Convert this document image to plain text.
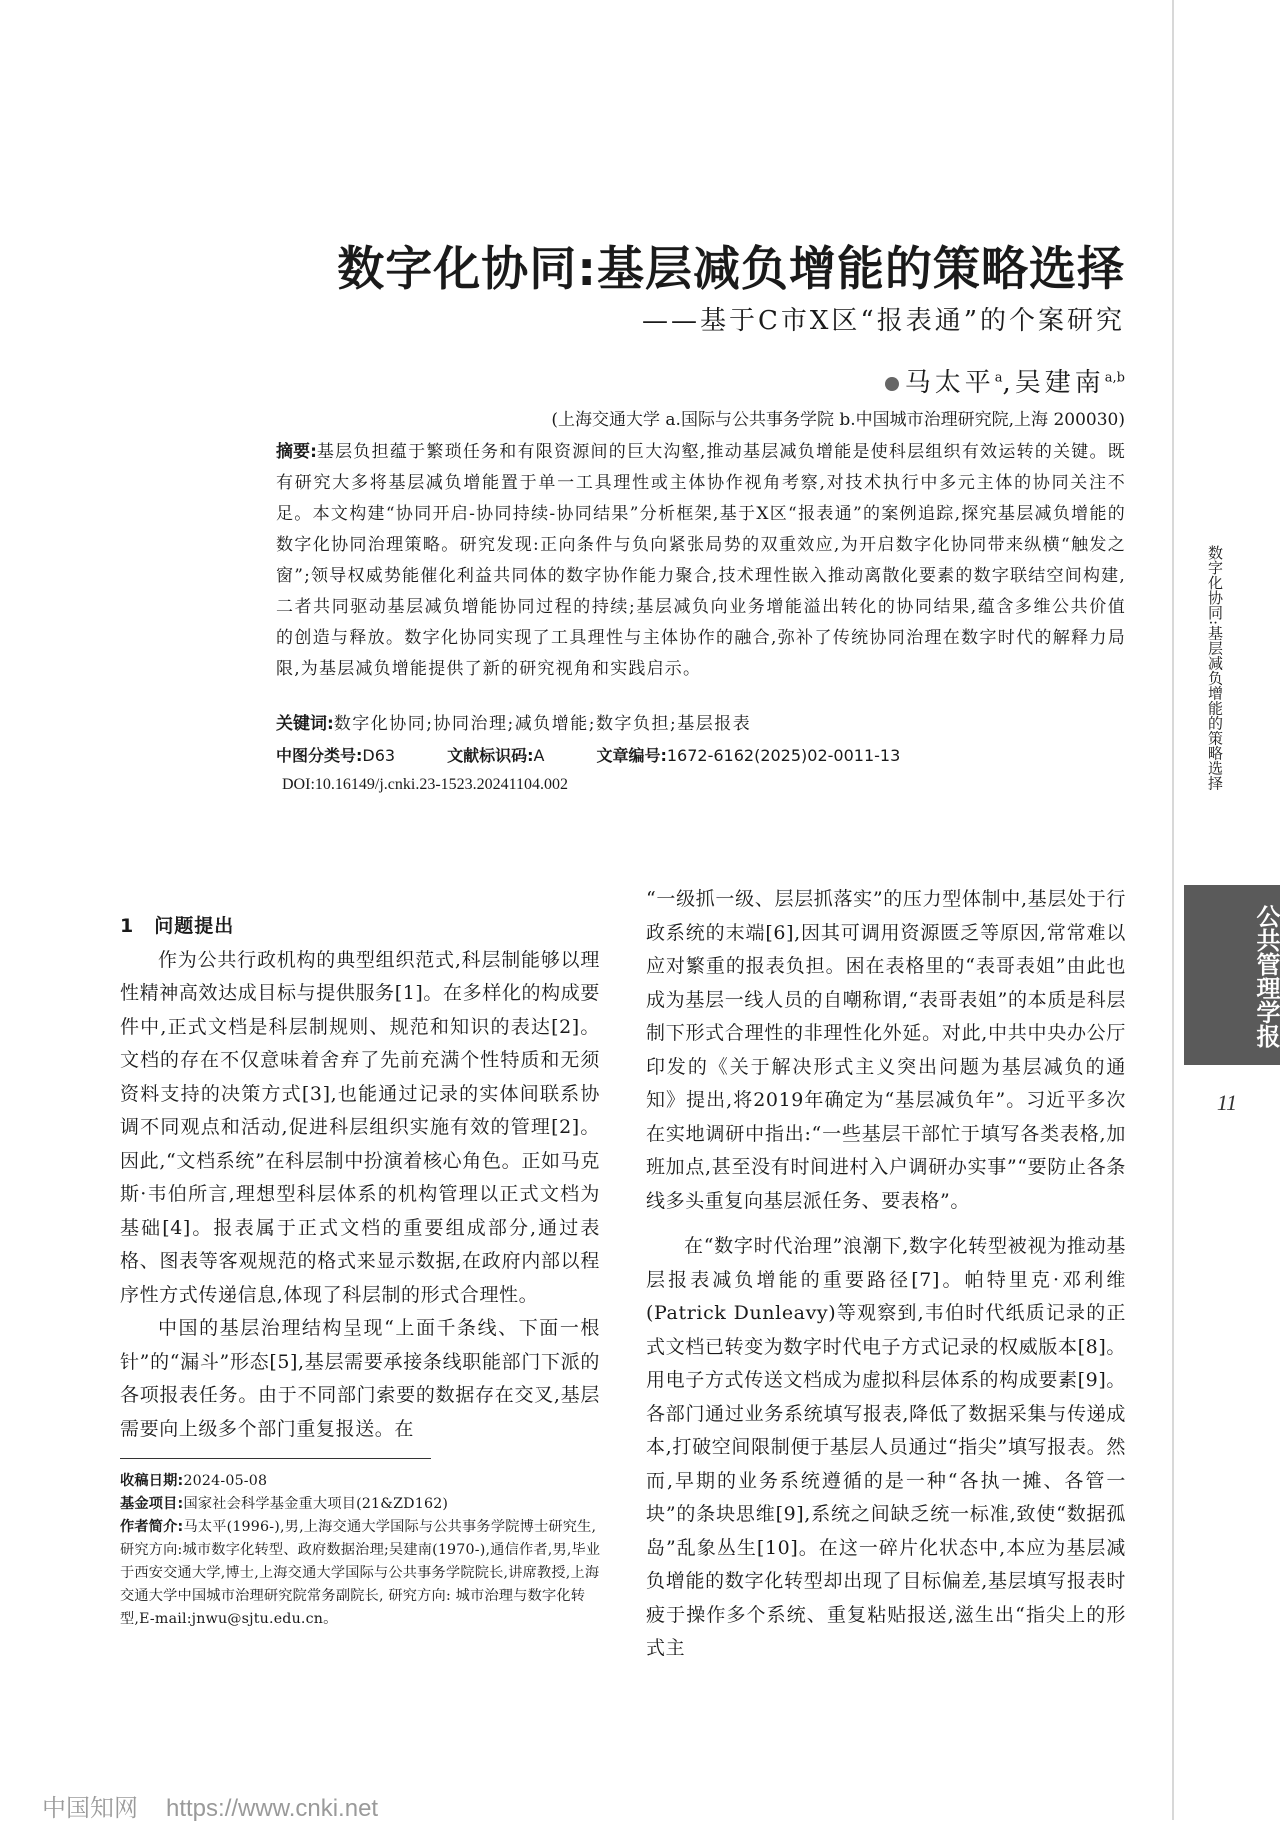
数字化协同:基层减负增能的策略选择
——基于C市X区“报表通”的个案研究
马太平$^a$,吴建南$^{a,b}$
(上海交通大学 a.国际与公共事务学院 b.中国城市治理研究院,上海 200030)
摘要:基层负担蕴于繁琐任务和有限资源间的巨大沟壑,推动基层减负增能是使科层组织有效运转的关键。既有研究大多将基层减负增能置于单一工具理性或主体协作视角考察,对技术执行中多元主体的协同关注不足。本文构建“协同开启-协同持续-协同结果”分析框架,基于X区“报表通”的案例追踪,探究基层减负增能的数字化协同治理策略。研究发现:正向条件与负向紧张局势的双重效应,为开启数字化协同带来纵横“触发之窗”;领导权威势能催化利益共同体的数字协作能力聚合,技术理性嵌入推动离散化要素的数字联结空间构建,二者共同驱动基层减负增能协同过程的持续;基层减负向业务增能溢出转化的协同结果,蕴含多维公共价值的创造与释放。数字化协同实现了工具理性与主体协作的融合,弥补了传统协同治理在数字时代的解释力局限,为基层减负增能提供了新的研究视角和实践启示。
关键词:数字化协同;协同治理;减负增能;数字负担;基层报表
中图分类号:D63	文献标识码:A	文章编号:1672-6162(2025)02-0011-13
DOI:10.16149/j.cnki.23-1523.20241104.002

1 问题提出

作为公共行政机构的典型组织范式,科层制能够以理性精神高效达成目标与提供服务[1]。在多样化的构成要件中,正式文档是科层制规则、规范和知识的表达[2]。文档的存在不仅意味着舍弃了先前充满个性特质和无须资料支持的决策方式[3],也能通过记录的实体间联系协调不同观点和活动,促进科层组织实施有效的管理[2]。因此,“文档系统”在科层制中扮演着核心角色。正如马克斯·韦伯所言,理想型科层体系的机构管理以正式文档为基础[4]。报表属于正式文档的重要组成部分,通过表格、图表等客观规范的格式来显示数据,在政府内部以程序性方式传递信息,体现了科层制的形式合理性。

中国的基层治理结构呈现“上面千条线、下面一根针”的“漏斗”形态[5],基层需要承接条线职能部门下派的各项报表任务。由于不同部门索要的数据存在交叉,基层需要向上级多个部门重复报送。在

“一级抓一级、层层抓落实”的压力型体制中,基层处于行政系统的末端[6],因其可调用资源匮乏等原因,常常难以应对繁重的报表负担。困在表格里的“表哥表姐”由此也成为基层一线人员的自嘲称谓,“表哥表姐”的本质是科层制下形式合理性的非理性化外延。对此,中共中央办公厅印发的《关于解决形式主义突出问题为基层减负的通知》提出,将2019年确定为“基层减负年”。习近平多次在实地调研中指出:“一些基层干部忙于填写各类表格,加班加点,甚至没有时间进村入户调研办实事”“要防止各条线多头重复向基层派任务、要表格”。

在“数字时代治理”浪潮下,数字化转型被视为推动基层报表减负增能的重要路径[7]。帕特里克·邓利维(Patrick Dunleavy)等观察到,韦伯时代纸质记录的正式文档已转变为数字时代电子方式记录的权威版本[8]。用电子方式传送文档成为虚拟科层体系的构成要素[9]。各部门通过业务系统填写报表,降低了数据采集与传递成本,打破空间限制便于基层人员通过“指尖”填写报表。然而,早期的业务系统遵循的是一种“各执一摊、各管一块”的条块思维[9],系统之间缺乏统一标准,致使“数据孤岛”乱象丛生[10]。在这一碎片化状态中,本应为基层减负增能的数字化转型却出现了目标偏差,基层填写报表时疲于操作多个系统、重复粘贴报送,滋生出“指尖上的形式主

收稿日期:2024-05-08
基金项目:国家社会科学基金重大项目(21&ZD162)
作者简介:马太平(1996-),男,上海交通大学国际与公共事务学院博士研究生,研究方向:城市数字化转型、政府数据治理;吴建南(1970-),通信作者,男,毕业于西安交通大学,博士,上海交通大学国际与公共事务学院院长,讲席教授,上海交通大学中国城市治理研究院常务副院长, 研究方向: 城市治理与数字化转型,E-mail:jnwu@sjtu.edu.cn。
数字化协同:基层减负增能的策略选择
公共管理学报
11
中国知网 https://www.cnki.net
